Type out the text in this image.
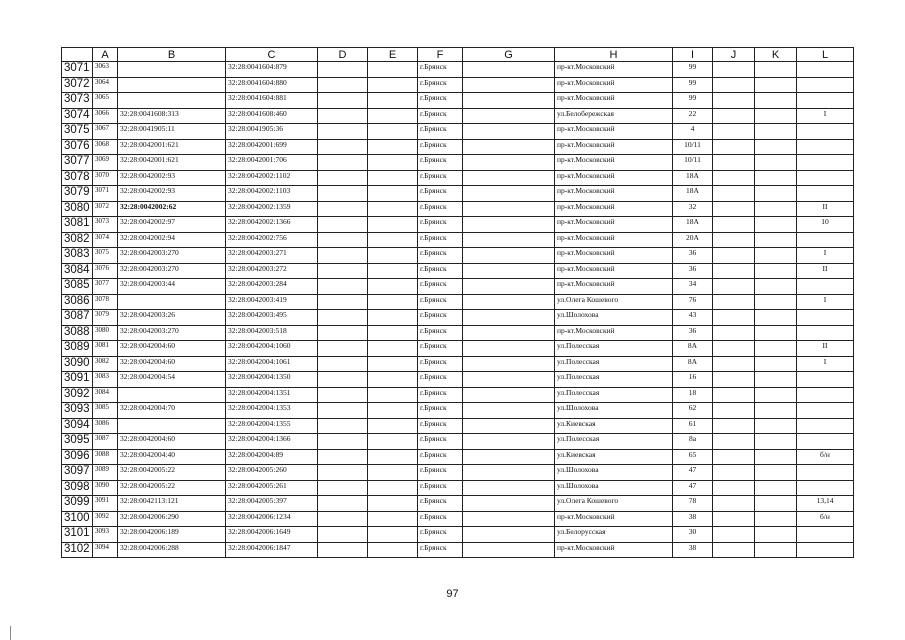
	A	B	C	D	E	F	G	H	I	J	K	L
3071	3063		32:28:0041604:879			г.Брянск		пр-кт.Московский	99			
3072	3064		32:28:0041604:880			г.Брянск		пр-кт.Московский	99			
3073	3065		32:28:0041604:881			г.Брянск		пр-кт.Московский	99			
3074	3066	32:28:0041608:313	32:28:0041608:460			г.Брянск		ул.Белобережская	22			I
3075	3067	32:28:0041905:11	32:28:0041905:36			г.Брянск		пр-кт.Московский	4			
3076	3068	32:28:0042001:621	32:28:0042001:699			г.Брянск		пр-кт.Московский	10/11			
3077	3069	32:28:0042001:621	32:28:0042001:706			г.Брянск		пр-кт.Московский	10/11			
3078	3070	32:28:0042002:93	32:28:0042002:1102			г.Брянск		пр-кт.Московский	18А			
3079	3071	32:28:0042002:93	32:28:0042002:1103			г.Брянск		пр-кт.Московский	18А			
3080	3072	32:28:0042002:62	32:28:0042002:1359			г.Брянск		пр-кт.Московский	32			II
3081	3073	32:28:0042002:97	32:28:0042002:1366			г.Брянск		пр-кт.Московский	18А			10
3082	3074	32:28:0042002:94	32:28:0042002:756			г.Брянск		пр-кт.Московский	20А			
3083	3075	32:28:0042003:270	32:28:0042003:271			г.Брянск		пр-кт.Московский	36			I
3084	3076	32:28:0042003:270	32:28:0042003:272			г.Брянск		пр-кт.Московский	36			II
3085	3077	32:28:0042003:44	32:28:0042003:284			г.Брянск		пр-кт.Московский	34			
3086	3078		32:28:0042003:419			г.Брянск		ул.Олега Кошевого	76			I
3087	3079	32:28:0042003:26	32:28:0042003:495			г.Брянск		ул.Шолохова	43			
3088	3080	32:28:0042003:270	32:28:0042003:518			г.Брянск		пр-кт.Московский	36			
3089	3081	32:28:0042004:60	32:28:0042004:1060			г.Брянск		ул.Полесская	8А			II
3090	3082	32:28:0042004:60	32:28:0042004:1061			г.Брянск		ул.Полесская	8А			I
3091	3083	32:28:0042004:54	32:28:0042004:1350			г.Брянск		ул.Полесская	16			
3092	3084		32:28:0042004:1351			г.Брянск		ул.Полесская	18			
3093	3085	32:28:0042004:70	32:28:0042004:1353			г.Брянск		ул.Шолохова	62			
3094	3086		32:28:0042004:1355			г.Брянск		ул.Киевская	61			
3095	3087	32:28:0042004:60	32:28:0042004:1366			г.Брянск		ул.Полесская	8а			
3096	3088	32:28:0042004:40	32:28:0042004:89			г.Брянск		ул.Киевская	65			б/н
3097	3089	32:28:0042005:22	32:28:0042005:260			г.Брянск		ул.Шолохова	47			
3098	3090	32:28:0042005:22	32:28:0042005:261			г.Брянск		ул.Шолохова	47			
3099	3091	32:28:0042113:121	32:28:0042005:397			г.Брянск		ул.Олега Кошевого	78			13,14
3100	3092	32:28:0042006:290	32:28:0042006:1234			г.Брянск		пр-кт.Московский	38			б/н
3101	3093	32:28:0042006:189	32:28:0042006:1649			г.Брянск		ул.Белорусская	30			
3102	3094	32:28:0042006:288	32:28:0042006:1847			г.Брянск		пр-кт.Московский	38			
97
